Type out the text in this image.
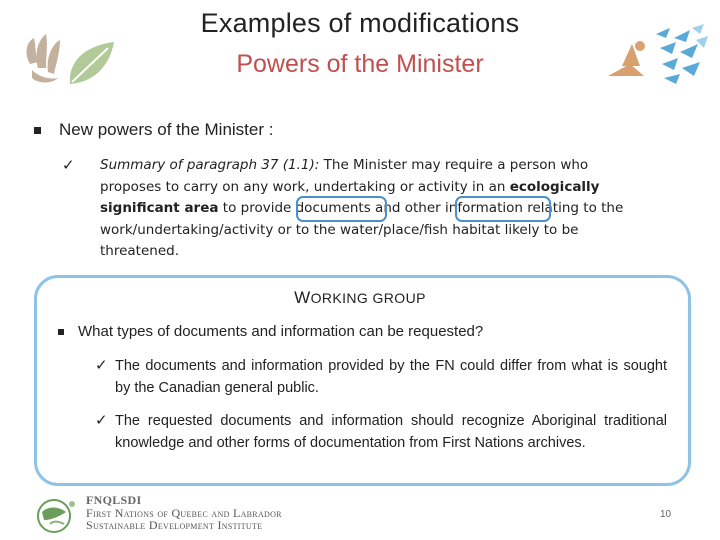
Examples of modifications
Powers of the Minister
New powers of the Minister :
✓ Summary of paragraph 37 (1.1): The Minister may require a person who
proposes to carry on any work, undertaking or activity in an ecologically
significant area to provide documents and other information relating to the
work/undertaking/activity or to the water/place/fish habitat likely to be
threatened.
WORKING GROUP
What types of documents and information can be requested?
✓ The documents and information provided by the FN could differ from what is sought by the Canadian general public.
✓ The requested documents and information should recognize Aboriginal traditional knowledge and other forms of documentation from First Nations archives.
FNQLSDI
First Nations of Quebec and Labrador
Sustainable Development Institute
10
